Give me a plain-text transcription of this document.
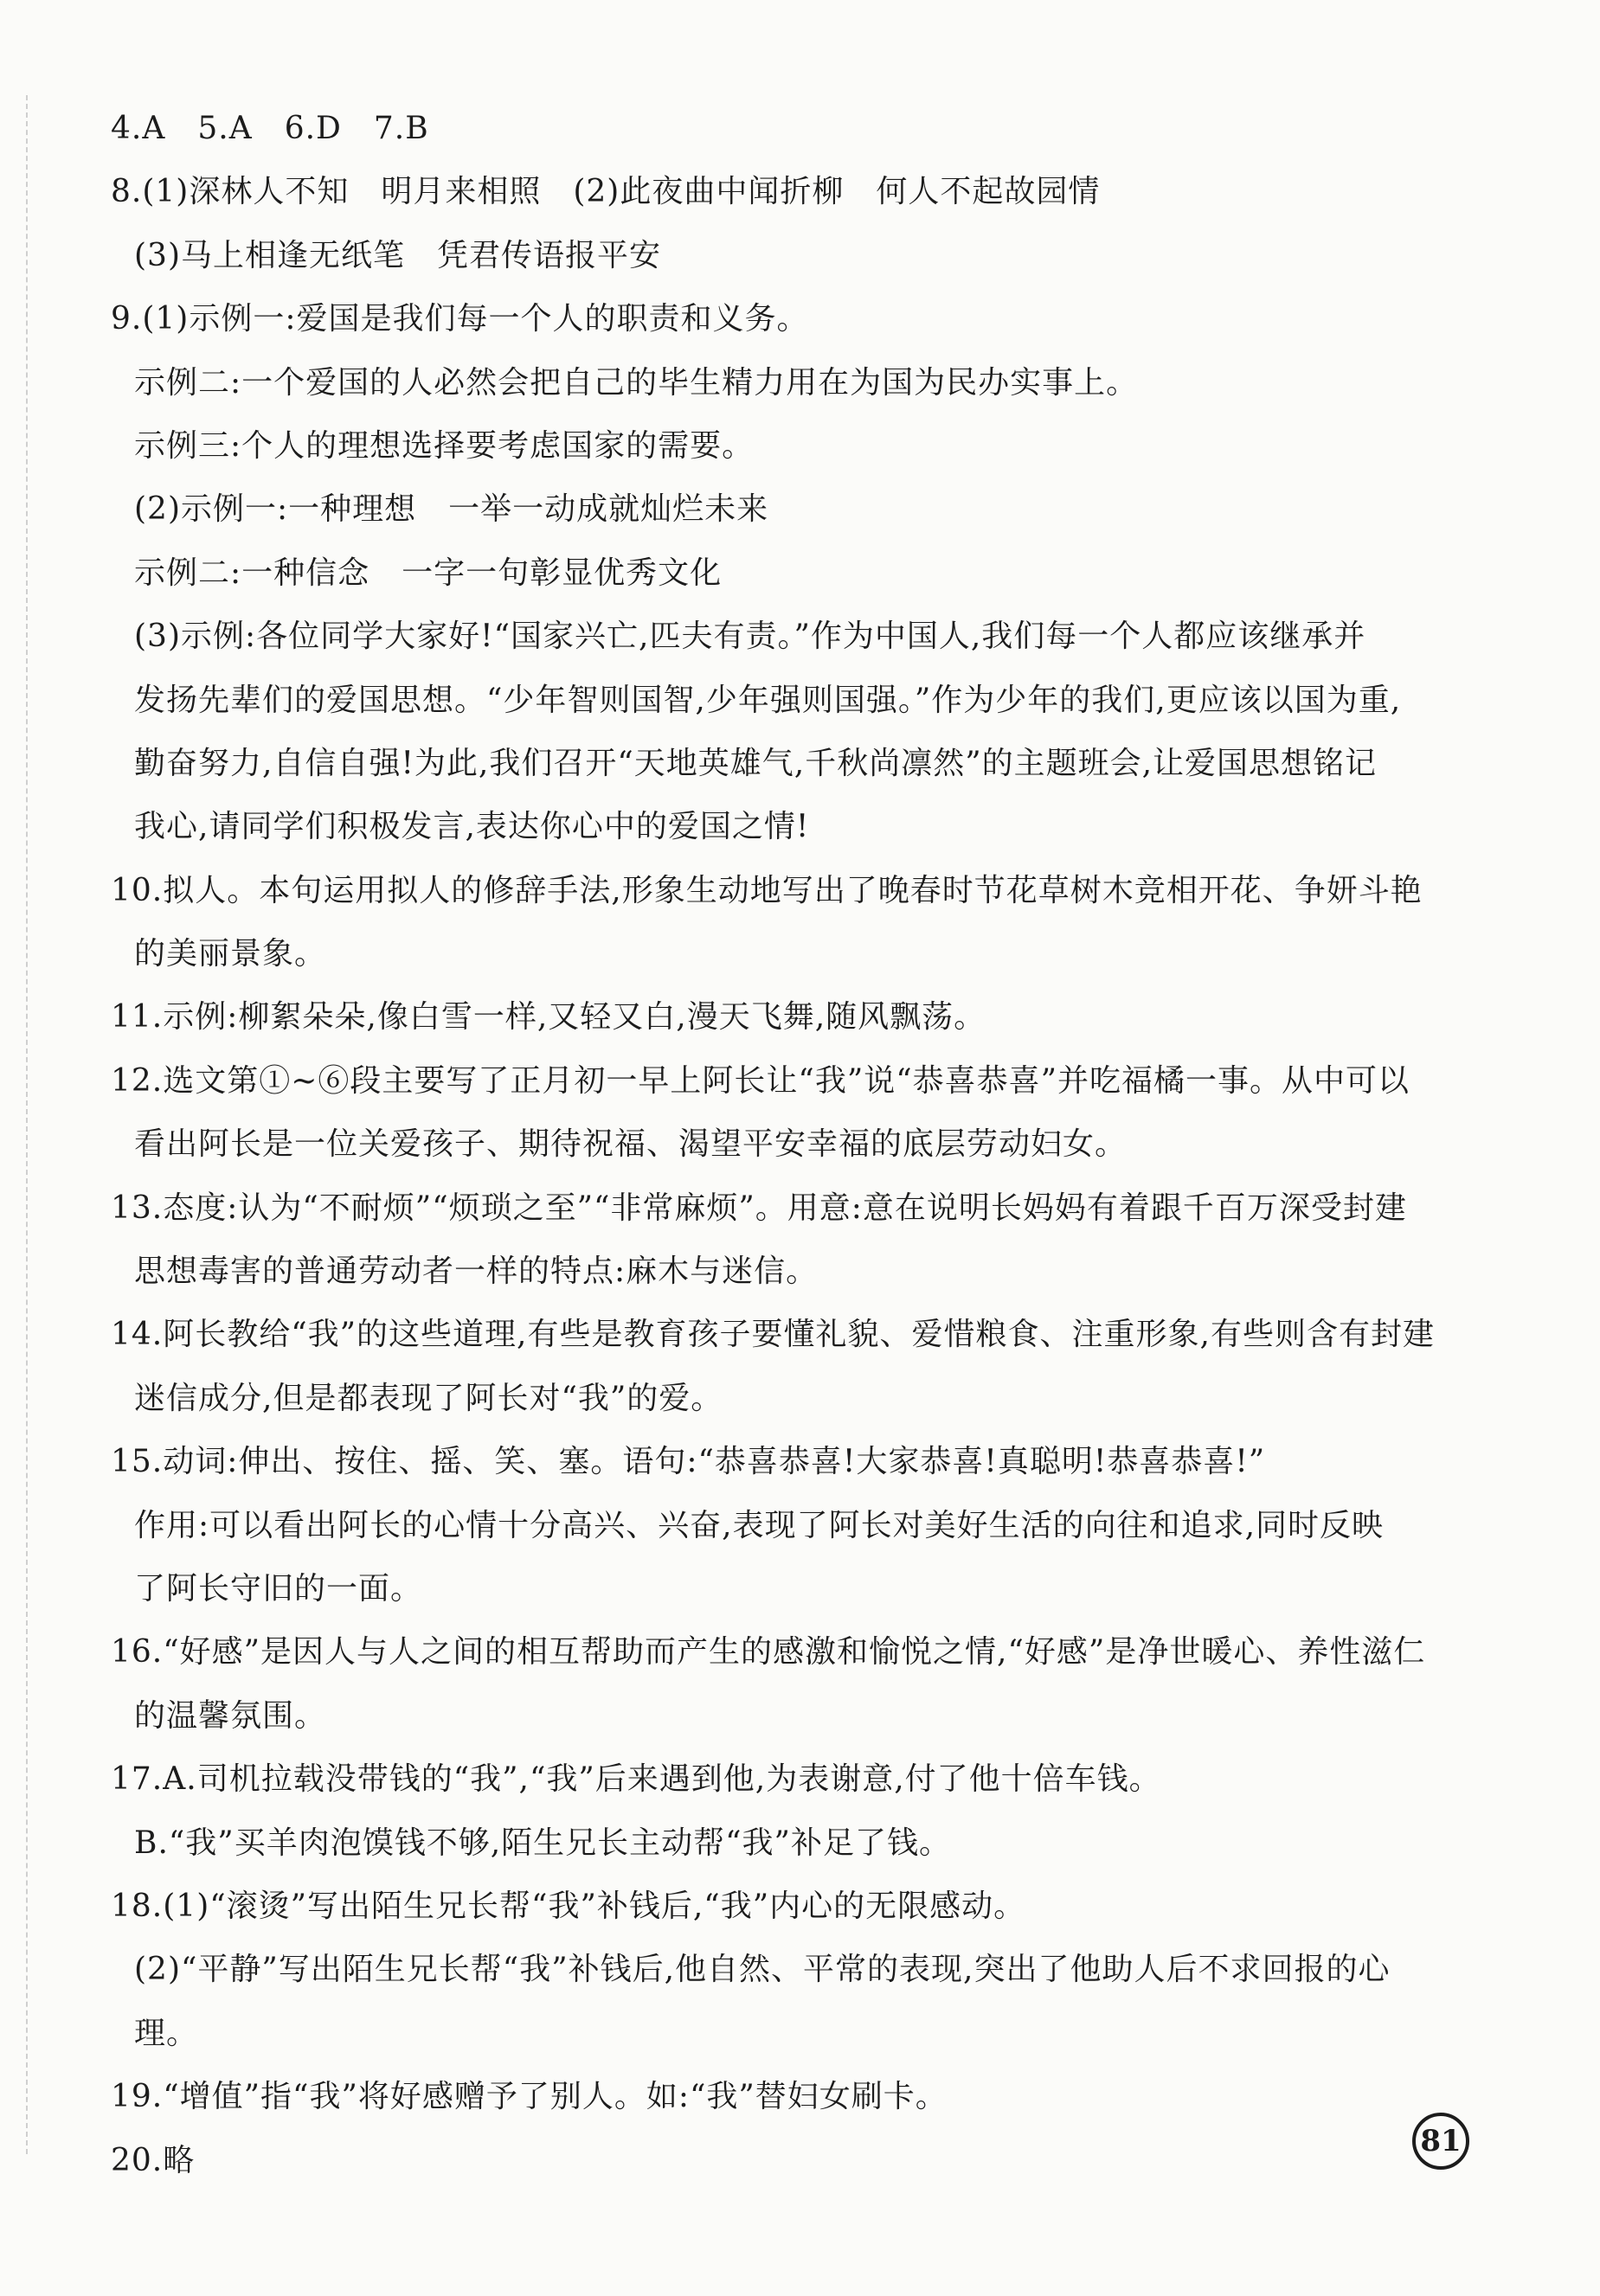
4.A　5.A　6.D　7.B
8.(1)深林人不知　明月来相照　(2)此夜曲中闻折柳　何人不起故园情
(3)马上相逢无纸笔　凭君传语报平安
9.(1)示例一:爱国是我们每一个人的职责和义务。
示例二:一个爱国的人必然会把自己的毕生精力用在为国为民办实事上。
示例三:个人的理想选择要考虑国家的需要。
(2)示例一:一种理想　一举一动成就灿烂未来
示例二:一种信念　一字一句彰显优秀文化
(3)示例:各位同学大家好!“国家兴亡,匹夫有责。”作为中国人,我们每一个人都应该继承并
发扬先辈们的爱国思想。“少年智则国智,少年强则国强。”作为少年的我们,更应该以国为重,
勤奋努力,自信自强!为此,我们召开“天地英雄气,千秋尚凛然”的主题班会,让爱国思想铭记
我心,请同学们积极发言,表达你心中的爱国之情!
10.拟人。本句运用拟人的修辞手法,形象生动地写出了晚春时节花草树木竞相开花、争妍斗艳
的美丽景象。
11.示例:柳絮朵朵,像白雪一样,又轻又白,漫天飞舞,随风飘荡。
12.选文第①~⑥段主要写了正月初一早上阿长让“我”说“恭喜恭喜”并吃福橘一事。从中可以
看出阿长是一位关爱孩子、期待祝福、渴望平安幸福的底层劳动妇女。
13.态度:认为“不耐烦”“烦琐之至”“非常麻烦”。用意:意在说明长妈妈有着跟千百万深受封建
思想毒害的普通劳动者一样的特点:麻木与迷信。
14.阿长教给“我”的这些道理,有些是教育孩子要懂礼貌、爱惜粮食、注重形象,有些则含有封建
迷信成分,但是都表现了阿长对“我”的爱。
15.动词:伸出、按住、摇、笑、塞。语句:“恭喜恭喜!大家恭喜!真聪明!恭喜恭喜!”
作用:可以看出阿长的心情十分高兴、兴奋,表现了阿长对美好生活的向往和追求,同时反映
了阿长守旧的一面。
16.“好感”是因人与人之间的相互帮助而产生的感激和愉悦之情,“好感”是净世暖心、养性滋仁
的温馨氛围。
17.A.司机拉载没带钱的“我”,“我”后来遇到他,为表谢意,付了他十倍车钱。
B.“我”买羊肉泡馍钱不够,陌生兄长主动帮“我”补足了钱。
18.(1)“滚烫”写出陌生兄长帮“我”补钱后,“我”内心的无限感动。
(2)“平静”写出陌生兄长帮“我”补钱后,他自然、平常的表现,突出了他助人后不求回报的心
理。
19.“增值”指“我”将好感赠予了别人。如:“我”替妇女刷卡。
20.略
81
